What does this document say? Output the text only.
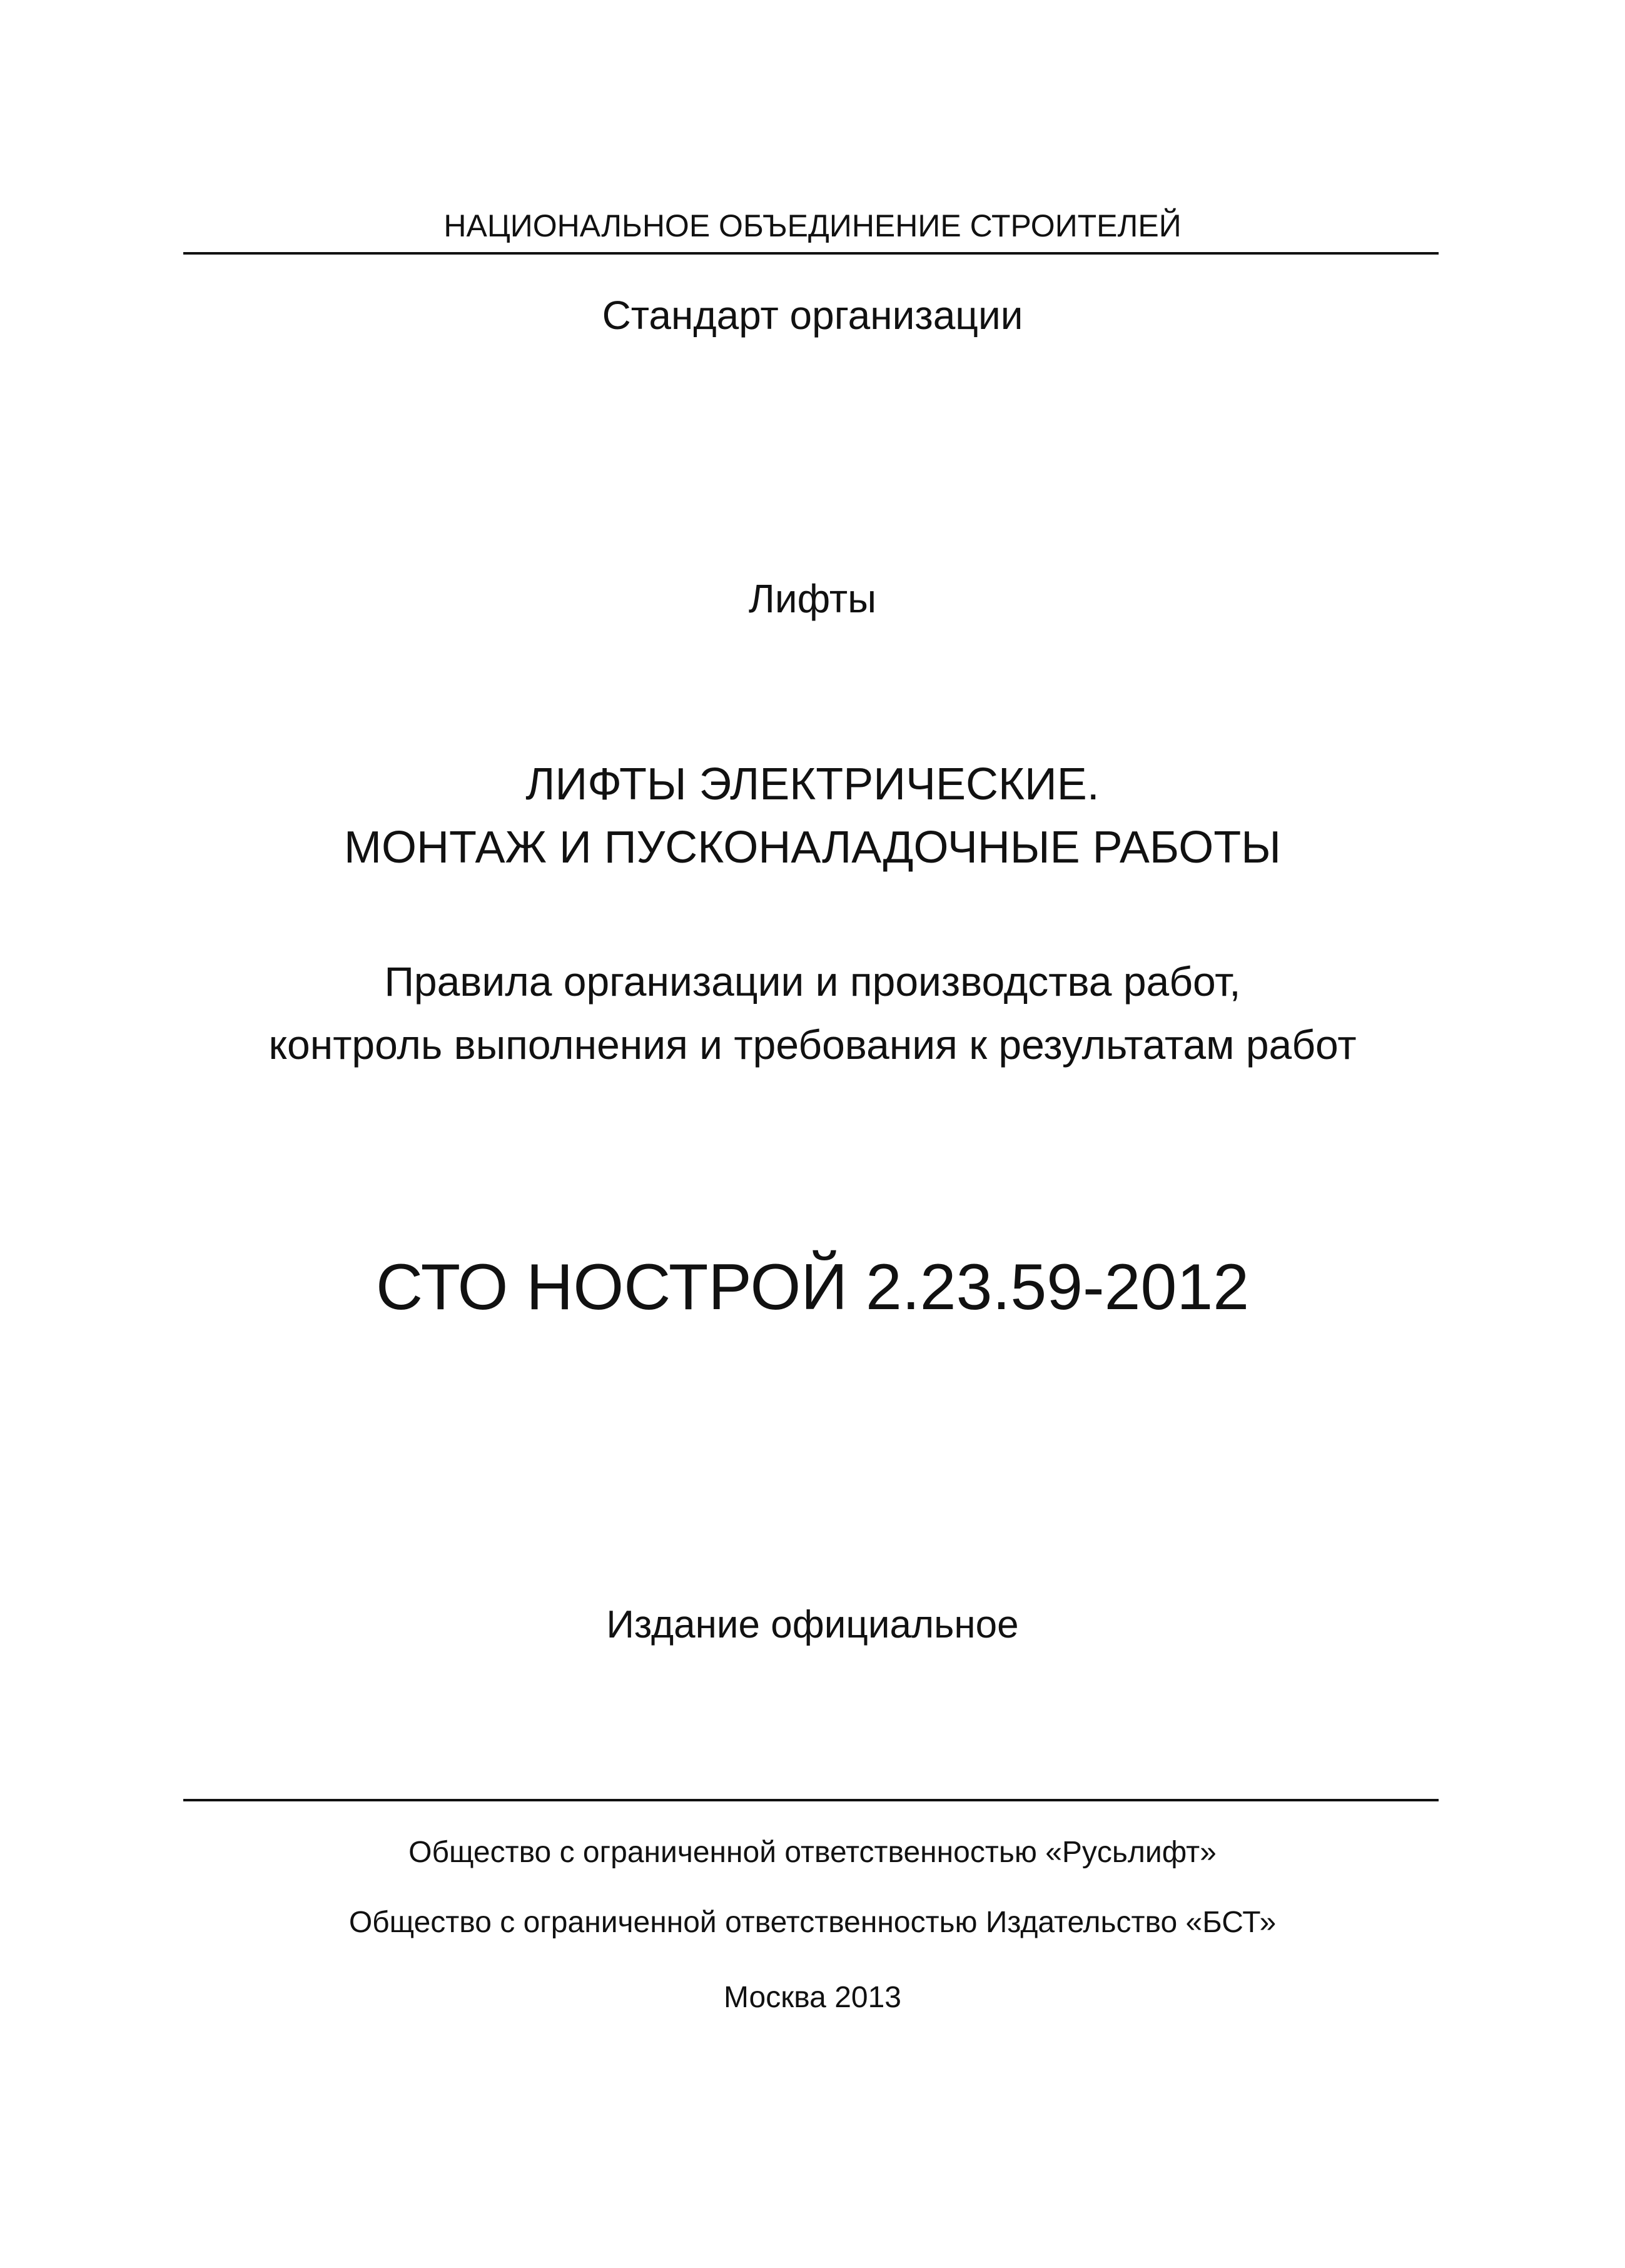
НАЦИОНАЛЬНОЕ ОБЪЕДИНЕНИЕ СТРОИТЕЛЕЙ
Стандарт организации
Лифты
ЛИФТЫ ЭЛЕКТРИЧЕСКИЕ.
МОНТАЖ И ПУСКОНАЛАДОЧНЫЕ РАБОТЫ
Правила организации и производства работ,
контроль выполнения и требования к результатам работ
СТО НОСТРОЙ 2.23.59-2012
Издание официальное
Общество с ограниченной ответственностью «Руcьлифт»
Общество с ограниченной ответственностью Издательство «БСТ»
Москва 2013
